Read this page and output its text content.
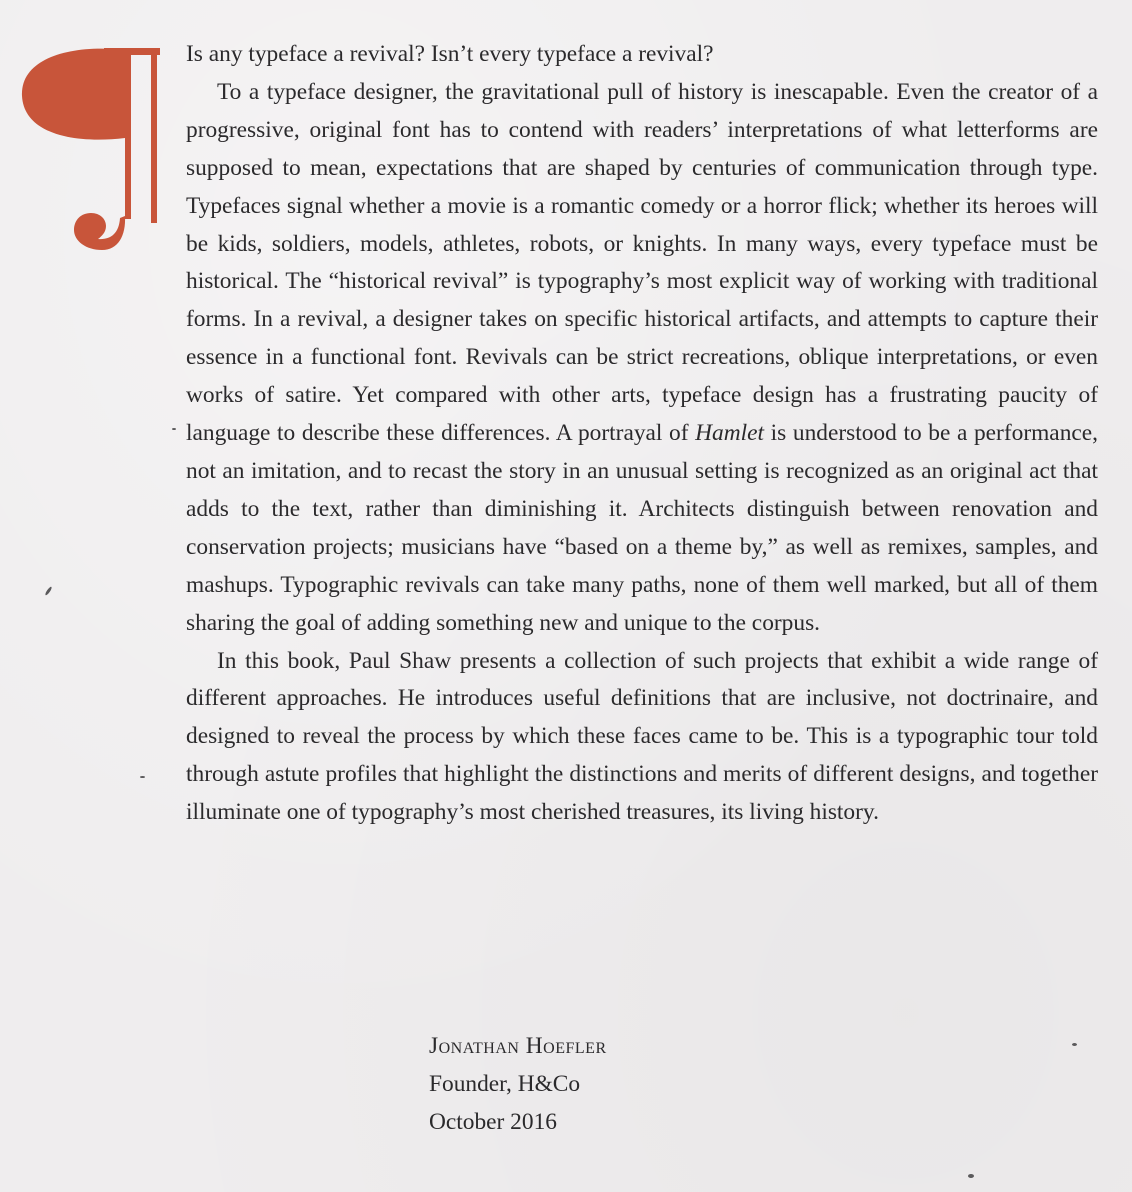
Is any typeface a revival? Isn’t every typeface a revival?

To a typeface designer, the gravitational pull of history is inescapable. Even the creator of a progressive, original font has to contend with readers’ interpretations of what letterforms are supposed to mean, expectations that are shaped by centuries of communication through type. Typefaces signal whether a movie is a romantic comedy or a horror flick; whether its heroes will be kids, soldiers, models, athletes, robots, or knights. In many ways, every typeface must be historical. The “historical revival” is typography’s most explicit way of working with traditional forms. In a revival, a designer takes on specific historical artifacts, and attempts to capture their essence in a functional font. Revivals can be strict recreations, oblique interpretations, or even works of satire. Yet compared with other arts, typeface design has a frustrating paucity of language to describe these differences. A portrayal of Hamlet is understood to be a performance, not an imitation, and to recast the story in an unusual setting is recognized as an original act that adds to the text, rather than diminishing it. Architects distinguish between renovation and conservation projects; musicians have “based on a theme by,” as well as remixes, samples, and mashups. Typographic revivals can take many paths, none of them well marked, but all of them sharing the goal of adding something new and unique to the corpus.

In this book, Paul Shaw presents a collection of such projects that exhibit a wide range of different approaches. He introduces useful definitions that are inclusive, not doctrinaire, and designed to reveal the process by which these faces came to be. This is a typographic tour told through astute profiles that highlight the distinctions and merits of different designs, and together illuminate one of typography’s most cherished treasures, its living history.

Jonathan Hoefler
Founder, H&Co
October 2016
